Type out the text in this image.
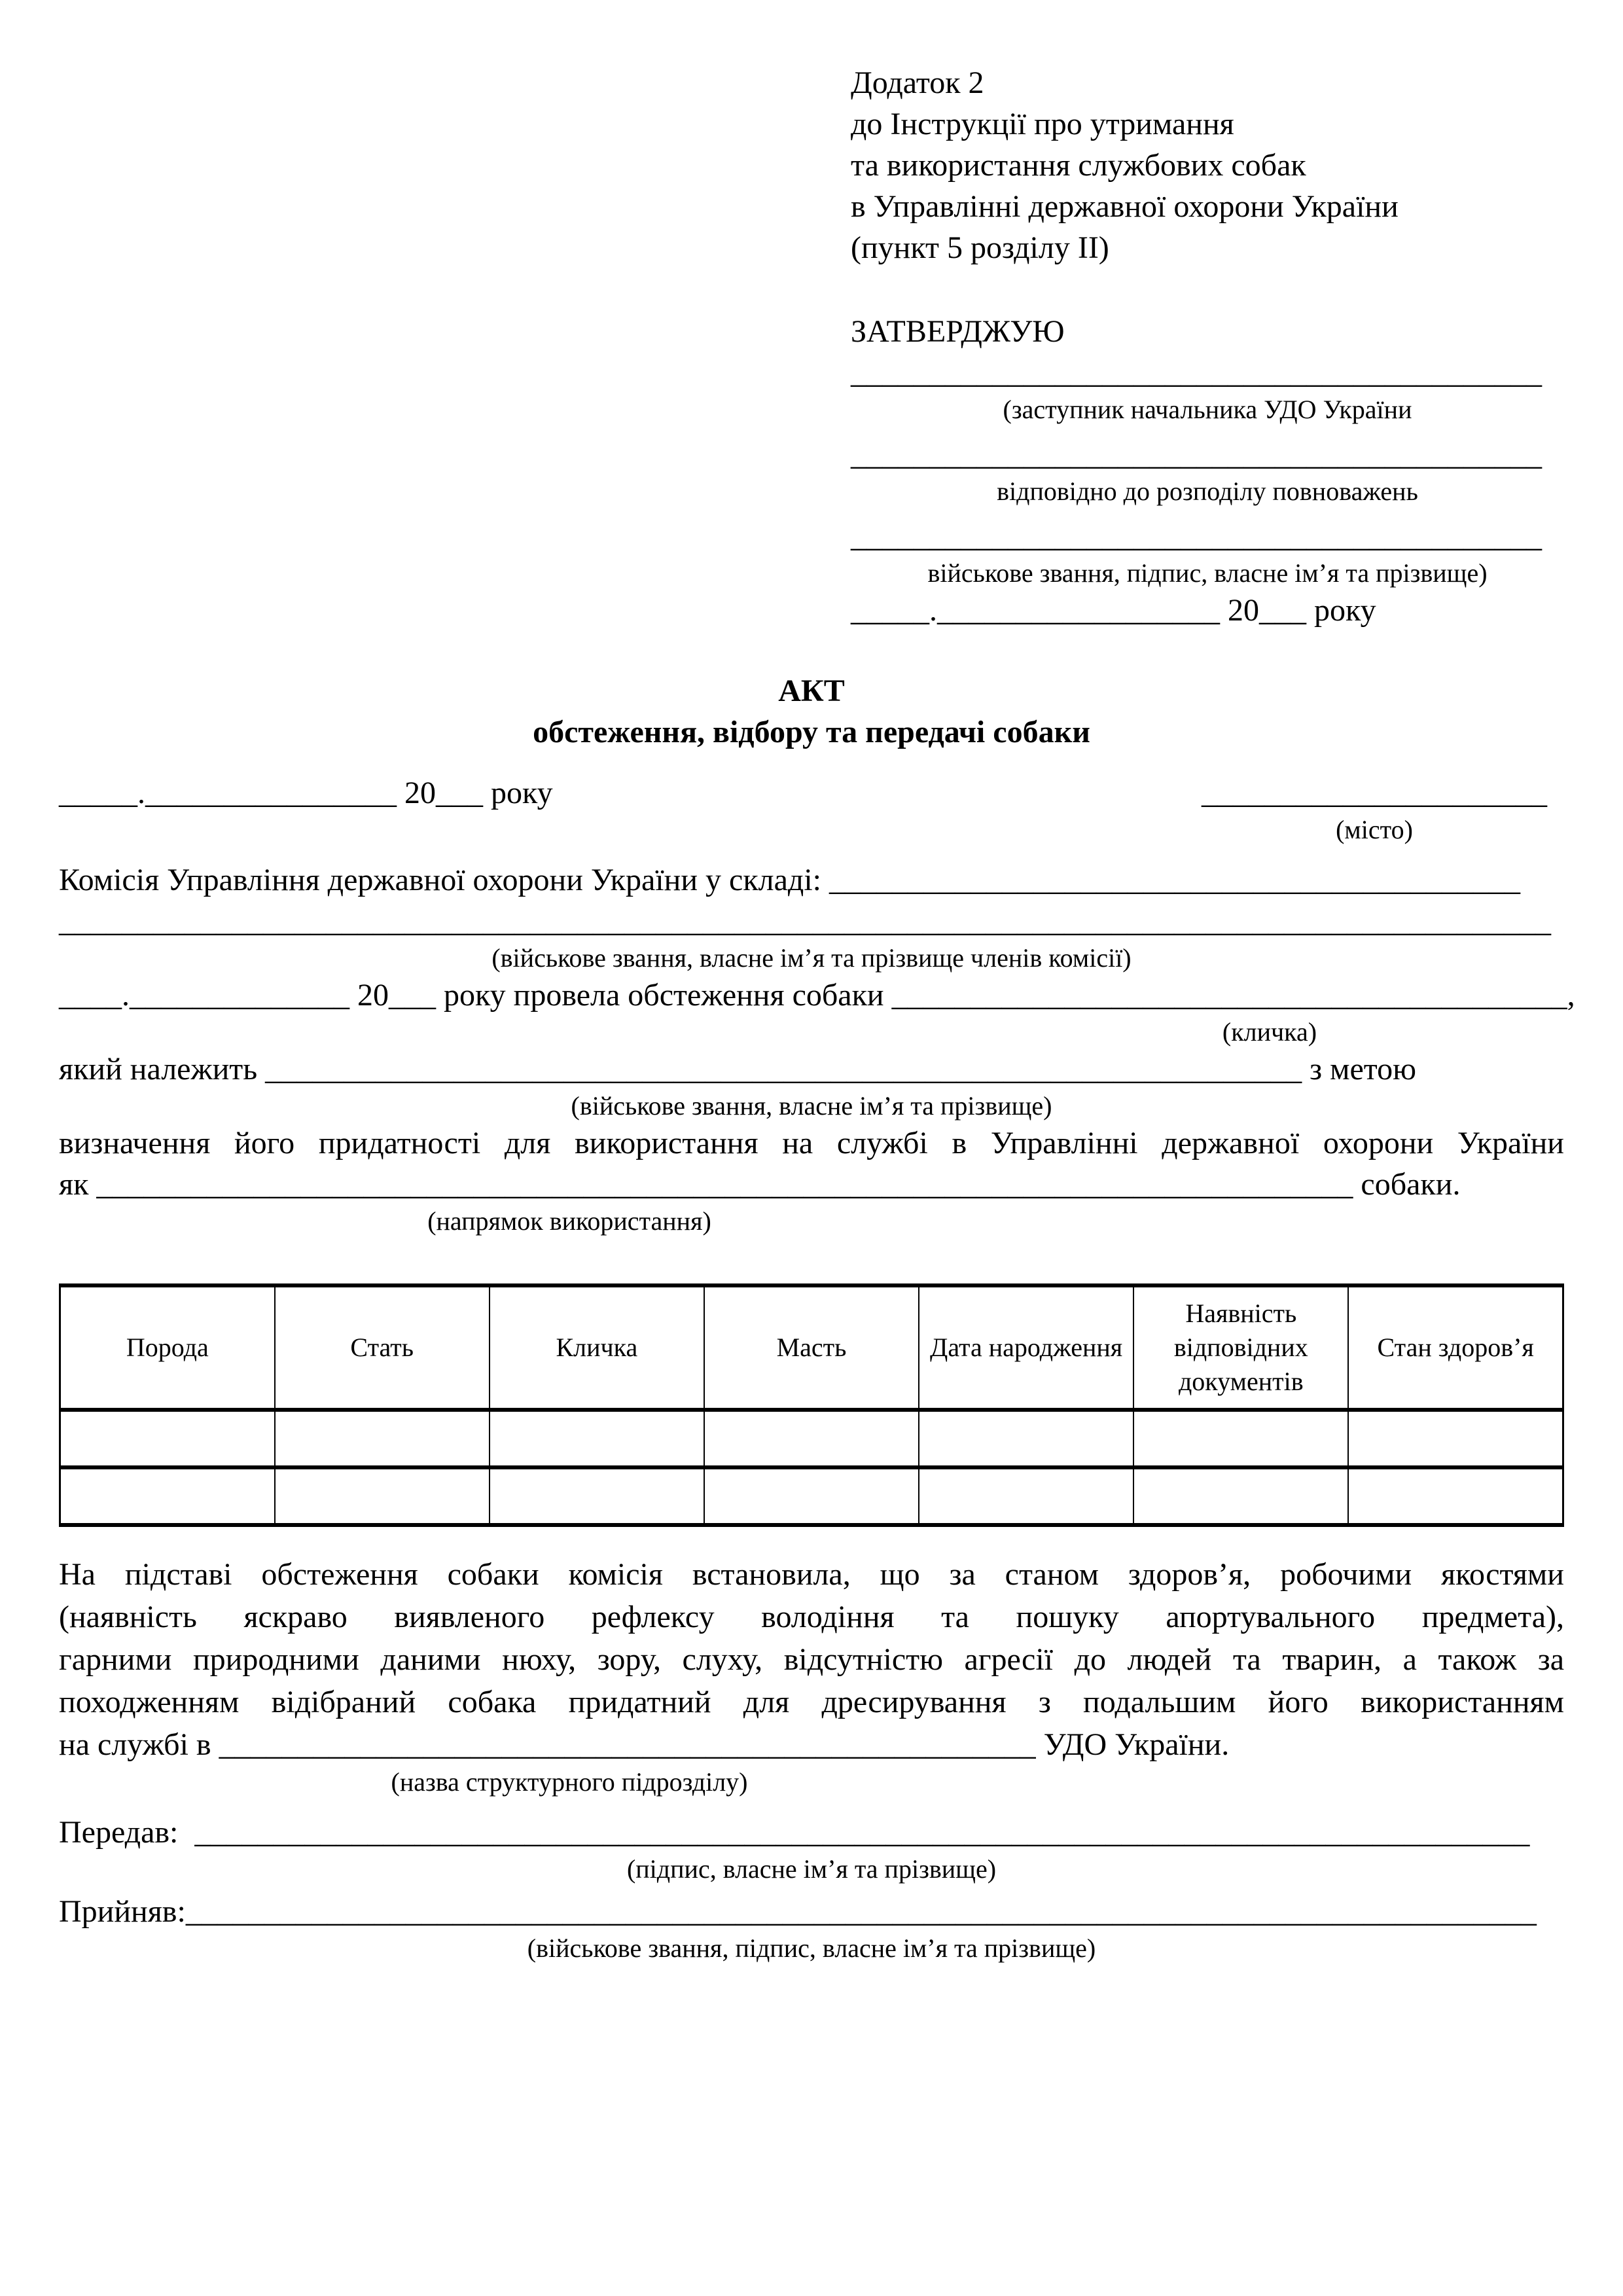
Додаток 2
до Інструкції про утримання
та використання службових собак
в Управлінні державної охорони України
(пункт 5 розділу ІІ)
ЗАТВЕРДЖУЮ
____________________________________________
(заступник начальника УДО України
____________________________________________
відповідно до розподілу повноважень
____________________________________________
військове звання, підпис, власне ім’я та прізвище)
_____.__________________ 20___ року
АКТ
обстеження, відбору та передачі собаки
_____.________________ 20___ року	______________________
(місто)
Комісія Управління державної охорони України у складі: ____________________________________________
_______________________________________________________________________________________________
(військове звання, власне ім’я та прізвище членів комісії)
____.______________ 20___ року провела обстеження собаки ___________________________________________,
(кличка)
який належить __________________________________________________________________ з метою
(військове звання, власне ім’я та прізвище)
визначення його придатності для використання на службі в Управлінні державної охорони України
як ________________________________________________________________________________ собаки.
(напрямок використання)
Порода	Стать	Кличка	Масть	Дата народження	Наявність відповідних документів	Стан здоров’я

На підставі обстеження собаки комісія встановила, що за станом здоров’я, робочими якостями
(наявність яскраво виявленого рефлексу володіння та пошуку апортувального предмета),
гарними природними даними нюху, зору, слуху, відсутністю агресії до людей та тварин, а також за
походженням відібраний собака придатний для дресирування з подальшим його використанням
на службі в ____________________________________________________ УДО України.
(назва структурного підрозділу)
Передав: _____________________________________________________________________________________
(підпис, власне ім’я та прізвище)
Прийняв: ______________________________________________________________________________________
(військове звання, підпис, власне ім’я та прізвище)
